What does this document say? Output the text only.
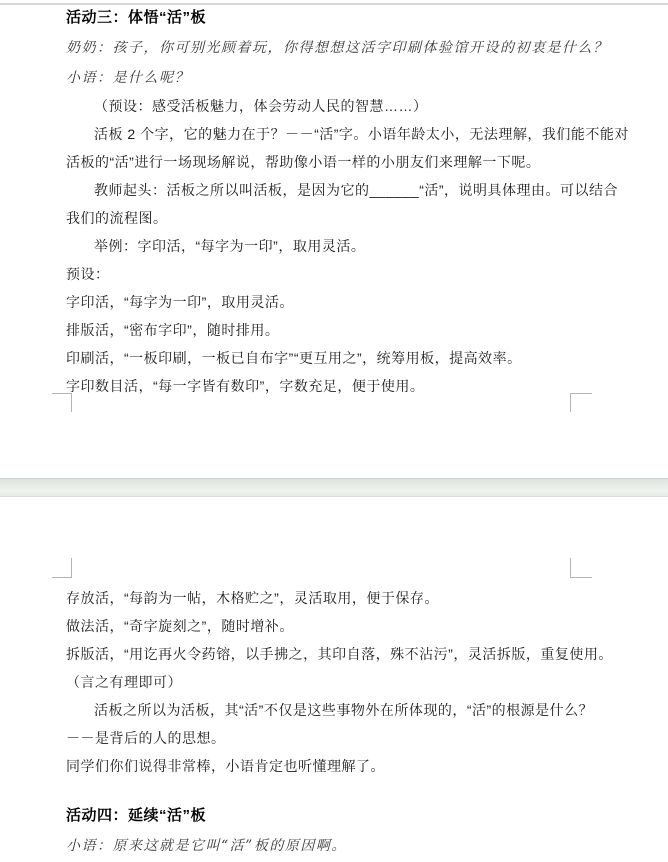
活动三：体悟“活”板
奶奶：孩子，你可别光顾着玩，你得想想这活字印刷体验馆开设的初衷是什么？
小语：是什么呢？
（预设：感受活板魅力，体会劳动人民的智慧……）
活板 2 个字，它的魅力在于？－－“活”字。小语年龄太小，无法理解，我们能不能对
活板的“活”进行一场现场解说，帮助像小语一样的小朋友们来理解一下呢。
教师起头：活板之所以叫活板，是因为它的______“活”，说明具体理由。可以结合
我们的流程图。
举例：字印活，“每字为一印”，取用灵活。
预设：
字印活，“每字为一印”，取用灵活。
排版活，“密布字印”，随时排用。
印刷活，“一板印刷，一板已自布字”“更互用之”，统筹用板，提高效率。
字印数目活，“每一字皆有数印”，字数充足，便于使用。
存放活，“每韵为一帖，木格贮之”，灵活取用，便于保存。
做法活，“奇字旋刻之”，随时增补。
拆版活，“用讫再火令药镕，以手拂之，其印自落，殊不沾污”，灵活拆版，重复使用。
（言之有理即可）
活板之所以为活板，其“活”不仅是这些事物外在所体现的，“活”的根源是什么？
－－是背后的人的思想。
同学们你们说得非常棒，小语肯定也听懂理解了。
活动四：延续“活”板
小语：原来这就是它叫“活”板的原因啊。
